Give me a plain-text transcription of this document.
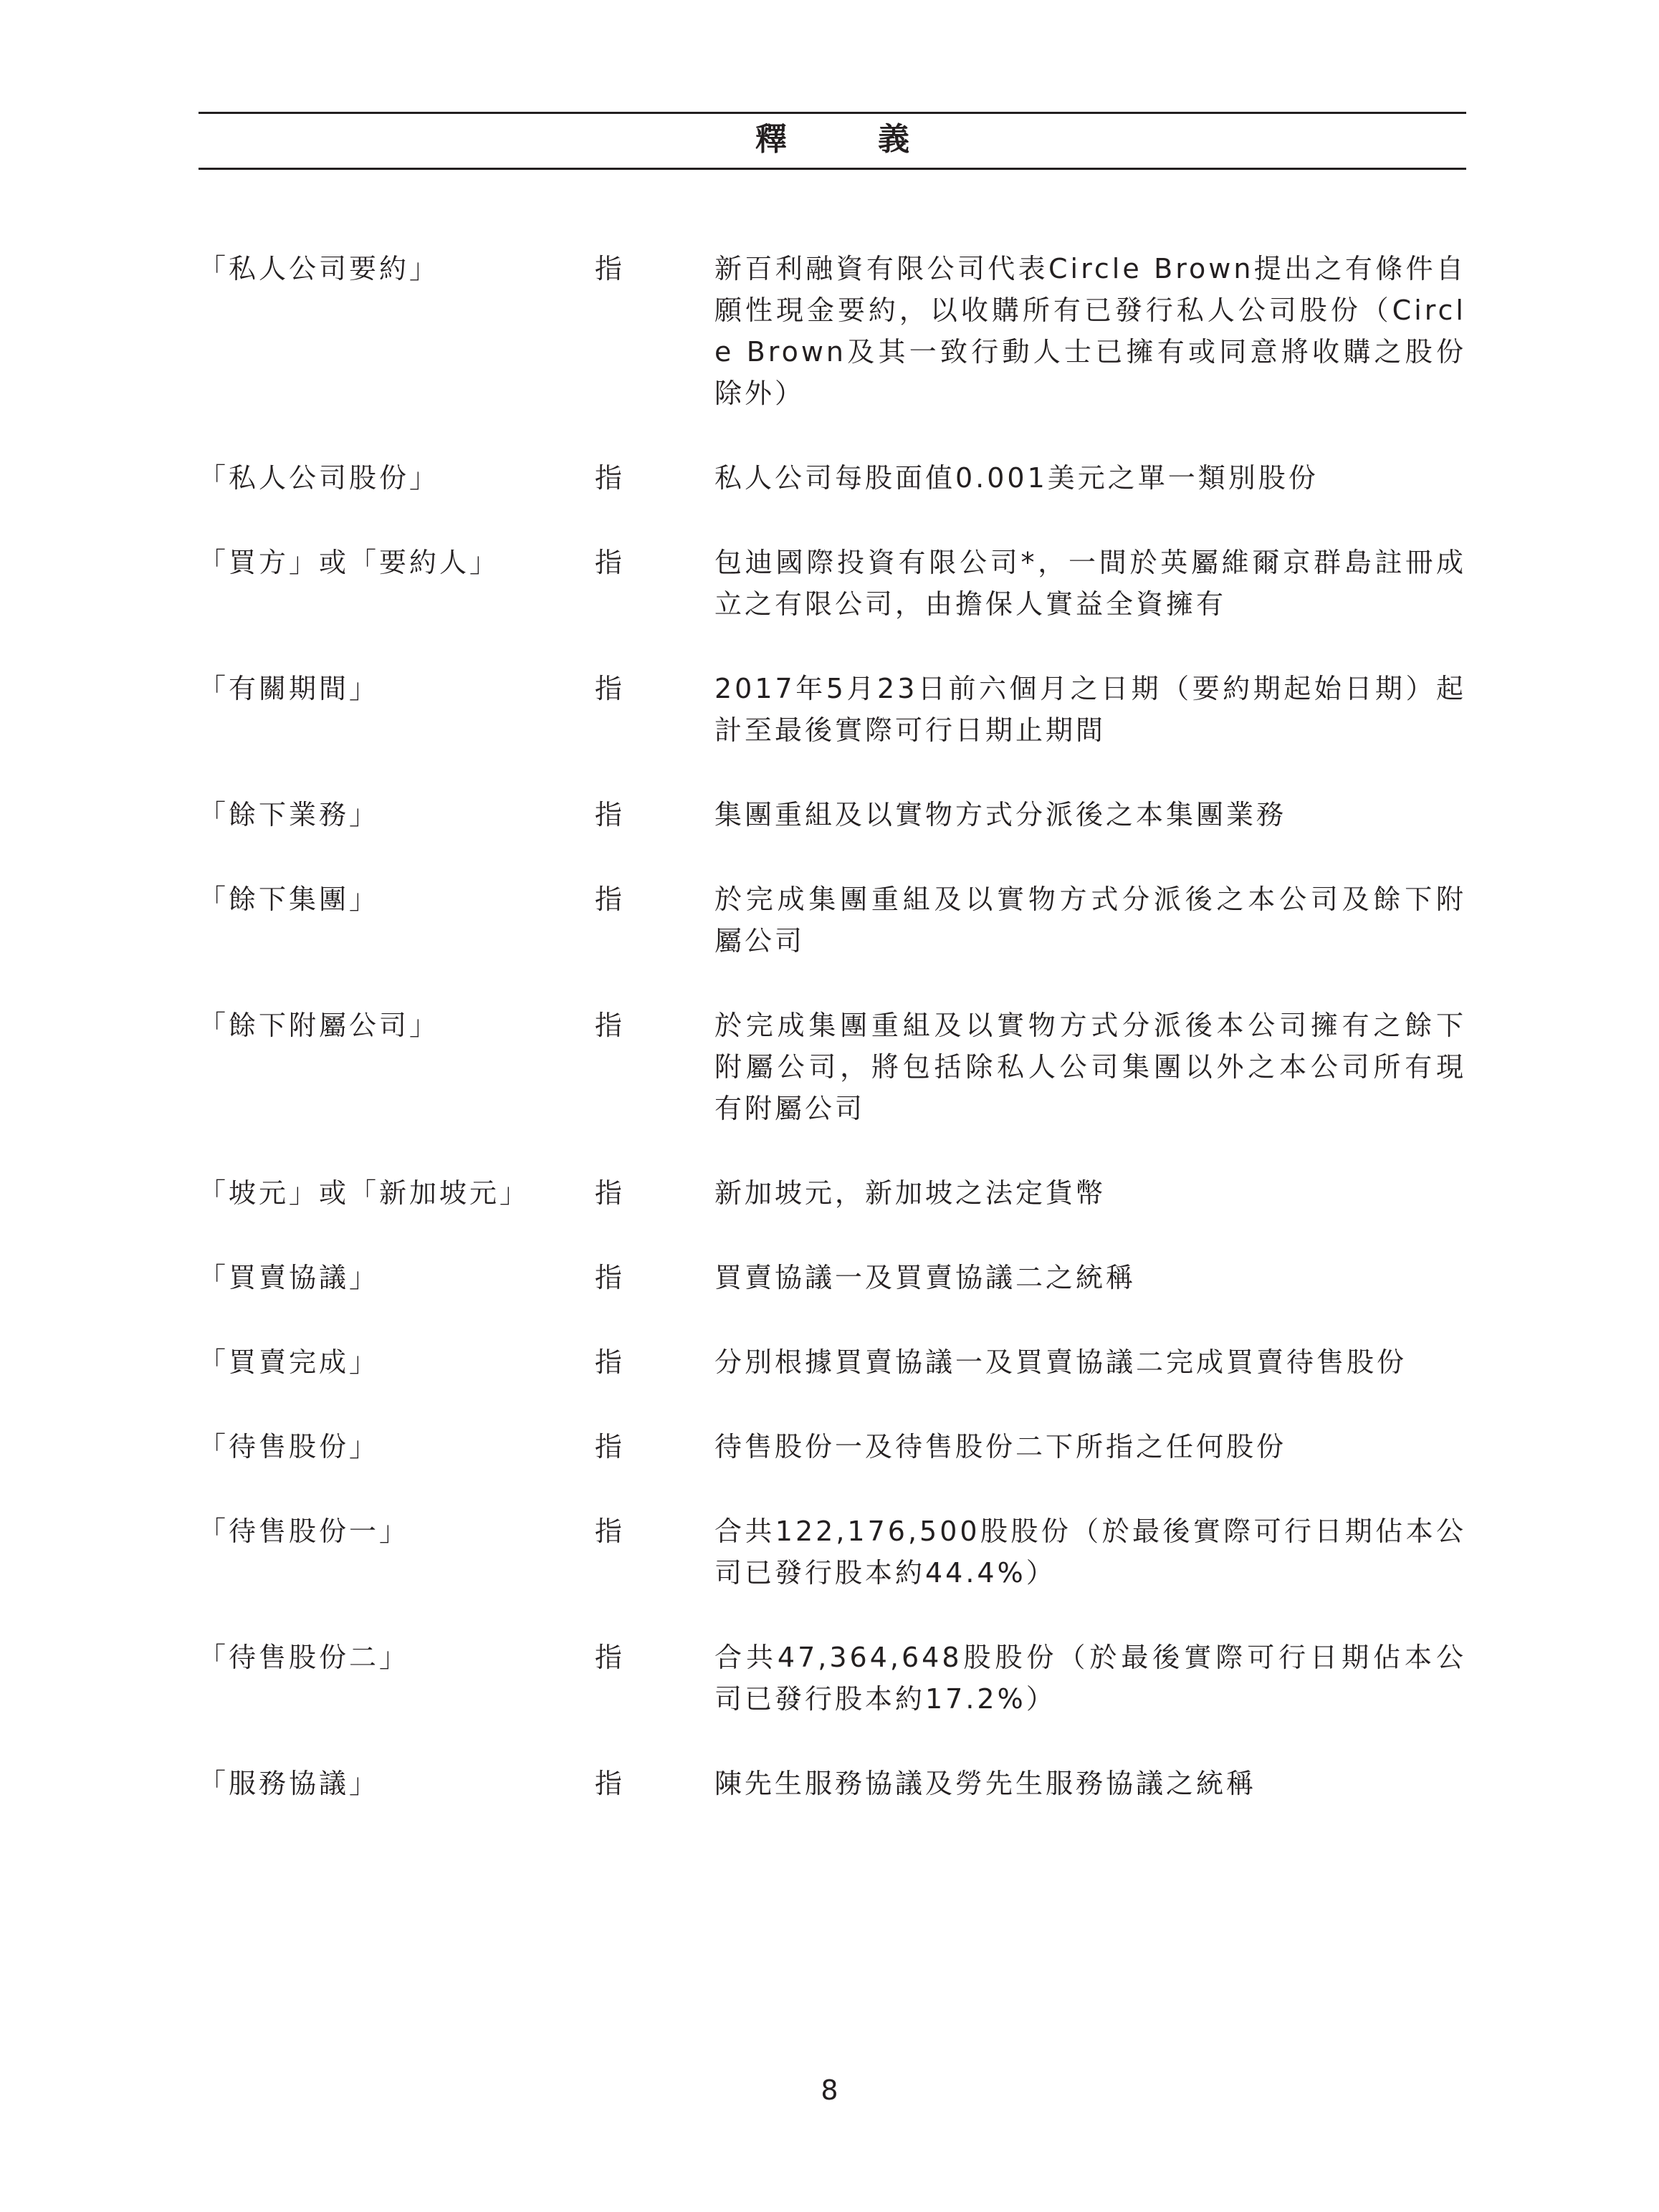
釋 義
「私人公司要約」	指	新百利融資有限公司代表Circle Brown提出之有條件自願性現金要約，以收購所有已發行私人公司股份（Circle Brown及其一致行動人士已擁有或同意將收購之股份除外）
「私人公司股份」	指	私人公司每股面值0.001美元之單一類別股份
「買方」或「要約人」	指	包迪國際投資有限公司*，一間於英屬維爾京群島註冊成立之有限公司，由擔保人實益全資擁有
「有關期間」	指	2017年5月23日前六個月之日期（要約期起始日期）起計至最後實際可行日期止期間
「餘下業務」	指	集團重組及以實物方式分派後之本集團業務
「餘下集團」	指	於完成集團重組及以實物方式分派後之本公司及餘下附屬公司
「餘下附屬公司」	指	於完成集團重組及以實物方式分派後本公司擁有之餘下附屬公司，將包括除私人公司集團以外之本公司所有現有附屬公司
「坡元」或「新加坡元」 指	新加坡元，新加坡之法定貨幣
「買賣協議」	指	買賣協議一及買賣協議二之統稱
「買賣完成」	指	分別根據買賣協議一及買賣協議二完成買賣待售股份
「待售股份」	指	待售股份一及待售股份二下所指之任何股份
「待售股份一」	指	合共122,176,500股股份（於最後實際可行日期佔本公司已發行股本約44.4%）
「待售股份二」	指	合共47,364,648股股份（於最後實際可行日期佔本公司已發行股本約17.2%）
「服務協議」	指	陳先生服務協議及勞先生服務協議之統稱
8
